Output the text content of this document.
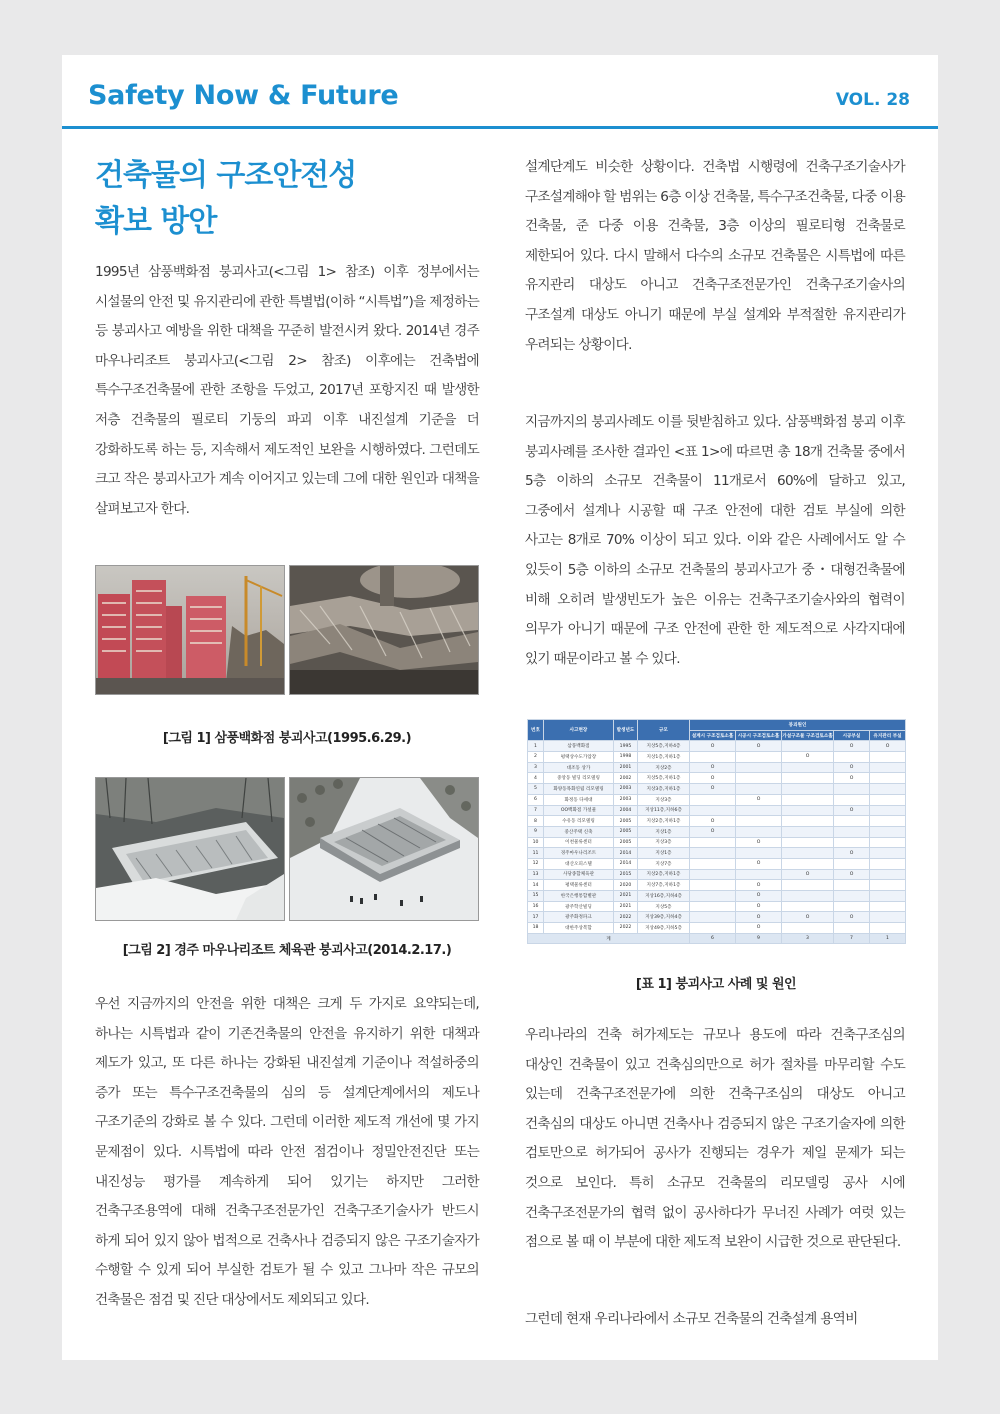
Safety Now & Future	VOL. 28
건축물의 구조안전성
확보 방안

1995년 삼풍백화점 붕괴사고(<그림 1> 참조) 이후 정부에서는 시설물의 안전 및 유지관리에 관한 특별법(이하 “시특법”)을 제정하는 등 붕괴사고 예방을 위한 대책을 꾸준히 발전시켜 왔다. 2014년 경주 마우나리조트 붕괴사고(<그림 2> 참조) 이후에는 건축법에 특수구조건축물에 관한 조항을 두었고, 2017년 포항지진 때 발생한 저층 건축물의 필로티 기둥의 파괴 이후 내진설계 기준을 더 강화하도록 하는 등, 지속해서 제도적인 보완을 시행하였다. 그런데도 크고 작은 붕괴사고가 계속 이어지고 있는데 그에 대한 원인과 대책을 살펴보고자 한다.

[그림 1] 삼풍백화점 붕괴사고(1995.6.29.)
[그림 2] 경주 마우나리조트 체육관 붕괴사고(2014.2.17.)

우선 지금까지의 안전을 위한 대책은 크게 두 가지로 요약되는데, 하나는 시특법과 같이 기존건축물의 안전을 유지하기 위한 대책과 제도가 있고, 또 다른 하나는 강화된 내진설계 기준이나 적설하중의 증가 또는 특수구조건축물의 심의 등 설계단계에서의 제도나 구조기준의 강화로 볼 수 있다. 그런데 이러한 제도적 개선에 몇 가지 문제점이 있다. 시특법에 따라 안전 점검이나 정밀안전진단 또는 내진성능 평가를 계속하게 되어 있기는 하지만 그러한 건축구조용역에 대해 건축구조전문가인 건축구조기술사가 반드시 하게 되어 있지 않아 법적으로 건축사나 검증되지 않은 구조기술자가 수행할 수 있게 되어 부실한 검토가 될 수 있고 그나마 작은 규모의 건축물은 점검 및 진단 대상에서도 제외되고 있다.

설계단계도 비슷한 상황이다. 건축법 시행령에 건축구조기술사가 구조설계해야 할 범위는 6층 이상 건축물, 특수구조건축물, 다중 이용 건축물, 준 다중 이용 건축물, 3층 이상의 필로티형 건축물로 제한되어 있다. 다시 말해서 다수의 소규모 건축물은 시특법에 따른 유지관리 대상도 아니고 건축구조전문가인 건축구조기술사의 구조설계 대상도 아니기 때문에 부실 설계와 부적절한 유지관리가 우려되는 상황이다.

지금까지의 붕괴사례도 이를 뒷받침하고 있다. 삼풍백화점 붕괴 이후 붕괴사례를 조사한 결과인 <표 1>에 따르면 총 18개 건축물 중에서 5층 이하의 소규모 건축물이 11개로서 60%에 달하고 있고, 그중에서 설계나 시공할 때 구조 안전에 대한 검토 부실에 의한 사고는 8개로 70% 이상이 되고 있다. 이와 같은 사례에서도 알 수 있듯이 5층 이하의 소규모 건축물의 붕괴사고가 중・대형건축물에 비해 오히려 발생빈도가 높은 이유는 건축구조기술사와의 협력이 의무가 아니기 때문에 구조 안전에 관한 한 제도적으로 사각지대에 있기 때문이라고 볼 수 있다.

번호	사고현장	발생년도	규모	붕괴원인				
				설계시 구조검토소홀	시공시 구조검토소홀	가설구조물 구조검토소홀	시공부실	유지관리 부실
1	삼풍백화점	1995	지상5층,지하4층	O	O		O	O
2	평택상수도가압장	1998	지상1층,지하1층			O		
3	대조동 상가	2001	지상2층	O			O	
4	중앙동 빌딩 리모델링	2002	지상5층,지하1층	O			O	
5	화양동목화연립 리모델링	2003	지상3층,지하1층	O				
6	화정동 다세대	2003	지상3층		O			
7	OO백화점 가설물	2004	지상11층,지하6층				O	
8	수유동 리모델링	2005	지상2층,지하1층	O				
9	중산주택 신축	2005	지상1층	O				
10	이천물류센터	2005	지상3층		O			
11	경주마우나리조트	2014	지상1층				O	
12	대산오피스텔	2014	지상7층		O			
13	사당종합체육관	2015	지상2층,지하1층			O	O	
14	평택물류센터	2020	지상7층,지하1층		O			
15	한국은행통합별관	2021	지상16층,지하4층		O			
16	광주학산빌딩	2021	지상5층		O			
17	광주화정파크	2022	지상39층,지하4층		O	O	O	
18	대한주상복합	2022	지상49층,지하5층		O			
계				6	9	3	7	1
[표 1] 붕괴사고 사례 및 원인

우리나라의 건축 허가제도는 규모나 용도에 따라 건축구조심의 대상인 건축물이 있고 건축심의만으로 허가 절차를 마무리할 수도 있는데 건축구조전문가에 의한 건축구조심의 대상도 아니고 건축심의 대상도 아니면 건축사나 검증되지 않은 구조기술자에 의한 검토만으로 허가되어 공사가 진행되는 경우가 제일 문제가 되는 것으로 보인다. 특히 소규모 건축물의 리모델링 공사 시에 건축구조전문가의 협력 없이 공사하다가 무너진 사례가 여럿 있는 점으로 볼 때 이 부분에 대한 제도적 보완이 시급한 것으로 판단된다.

그런데 현재 우리나라에서 소규모 건축물의 건축설계 용역비
